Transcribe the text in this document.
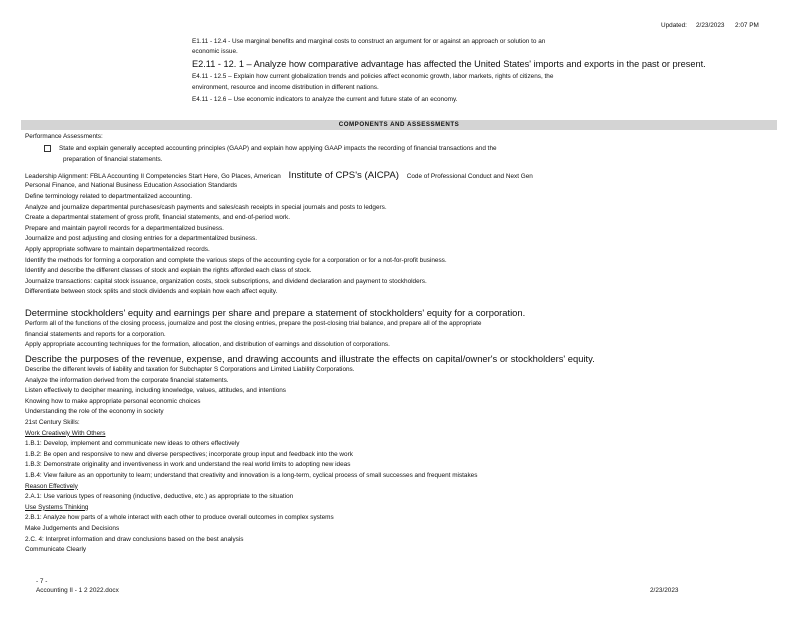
Updated: 2/23/2023 2:07 PM
E1.11 - 12.4 - Use marginal benefits and marginal costs to construct an argument for or against an approach or solution to an
economic issue.
E2.11 - 12. 1 – Analyze how comparative advantage has affected the United States' imports and exports in the past or present.
E4.11 - 12.5 – Explain how current globalization trends and policies affect economic growth, labor markets, rights of citizens, the
environment, resource and income distribution in different nations.
E4.11 - 12.6 – Use economic indicators to analyze the current and future state of an economy.
COMPONENTS AND ASSESSMENTS
Performance Assessments:
State and explain generally accepted accounting principles (GAAP) and explain how applying GAAP impacts the recording of financial transactions and the
preparation of financial statements.
Leadership Alignment: FBLA Accounting II Competencies Start Here, Go Places, American Institute of CPS's (AICPA) Code of Professional Conduct and Next Gen
Personal Finance, and National Business Education Association Standards
Define terminology related to departmentalized accounting.
Analyze and journalize departmental purchases/cash payments and sales/cash receipts in special journals and posts to ledgers.
Create a departmental statement of gross profit, financial statements, and end-of-period work.
Prepare and maintain payroll records for a departmentalized business.
Journalize and post adjusting and closing entries for a departmentalized business.
Apply appropriate software to maintain departmentalized records.
Identify the methods for forming a corporation and complete the various steps of the accounting cycle for a corporation or for a not-for-profit business.
Identify and describe the different classes of stock and explain the rights afforded each class of stock.
Journalize transactions: capital stock issuance, organization costs, stock subscriptions, and dividend declaration and payment to stockholders.
Differentiate between stock splits and stock dividends and explain how each affect equity.
Determine stockholders' equity and earnings per share and prepare a statement of stockholders' equity for a corporation.
Perform all of the functions of the closing process, journalize and post the closing entries, prepare the post-closing trial balance, and prepare all of the appropriate
financial statements and reports for a corporation.
Apply appropriate accounting techniques for the formation, allocation, and distribution of earnings and dissolution of corporations.
Describe the purposes of the revenue, expense, and drawing accounts and illustrate the effects on capital/owner's or stockholders' equity.
Describe the different levels of liability and taxation for Subchapter S Corporations and Limited Liability Corporations.
Analyze the information derived from the corporate financial statements.
Listen effectively to decipher meaning, including knowledge, values, attitudes, and intentions
Knowing how to make appropriate personal economic choices
Understanding the role of the economy in society
21st Century Skills:
Work Creatively With Others
1.B.1: Develop, implement and communicate new ideas to others effectively
1.B.2: Be open and responsive to new and diverse perspectives; incorporate group input and feedback into the work
1.B.3: Demonstrate originality and inventiveness in work and understand the real world limits to adopting new ideas
1.B.4: View failure as an opportunity to learn; understand that creativity and innovation is a long-term, cyclical process of small successes and frequent mistakes
Reason Effectively
2.A.1: Use various types of reasoning (inductive, deductive, etc.) as appropriate to the situation
Use Systems Thinking
2.B.1: Analyze how parts of a whole interact with each other to produce overall outcomes in complex systems
Make Judgements and Decisions
2.C. 4: Interpret information and draw conclusions based on the best analysis
Communicate Clearly
- 7 -
Accounting II - 1 2 2022.docx	2/23/2023
